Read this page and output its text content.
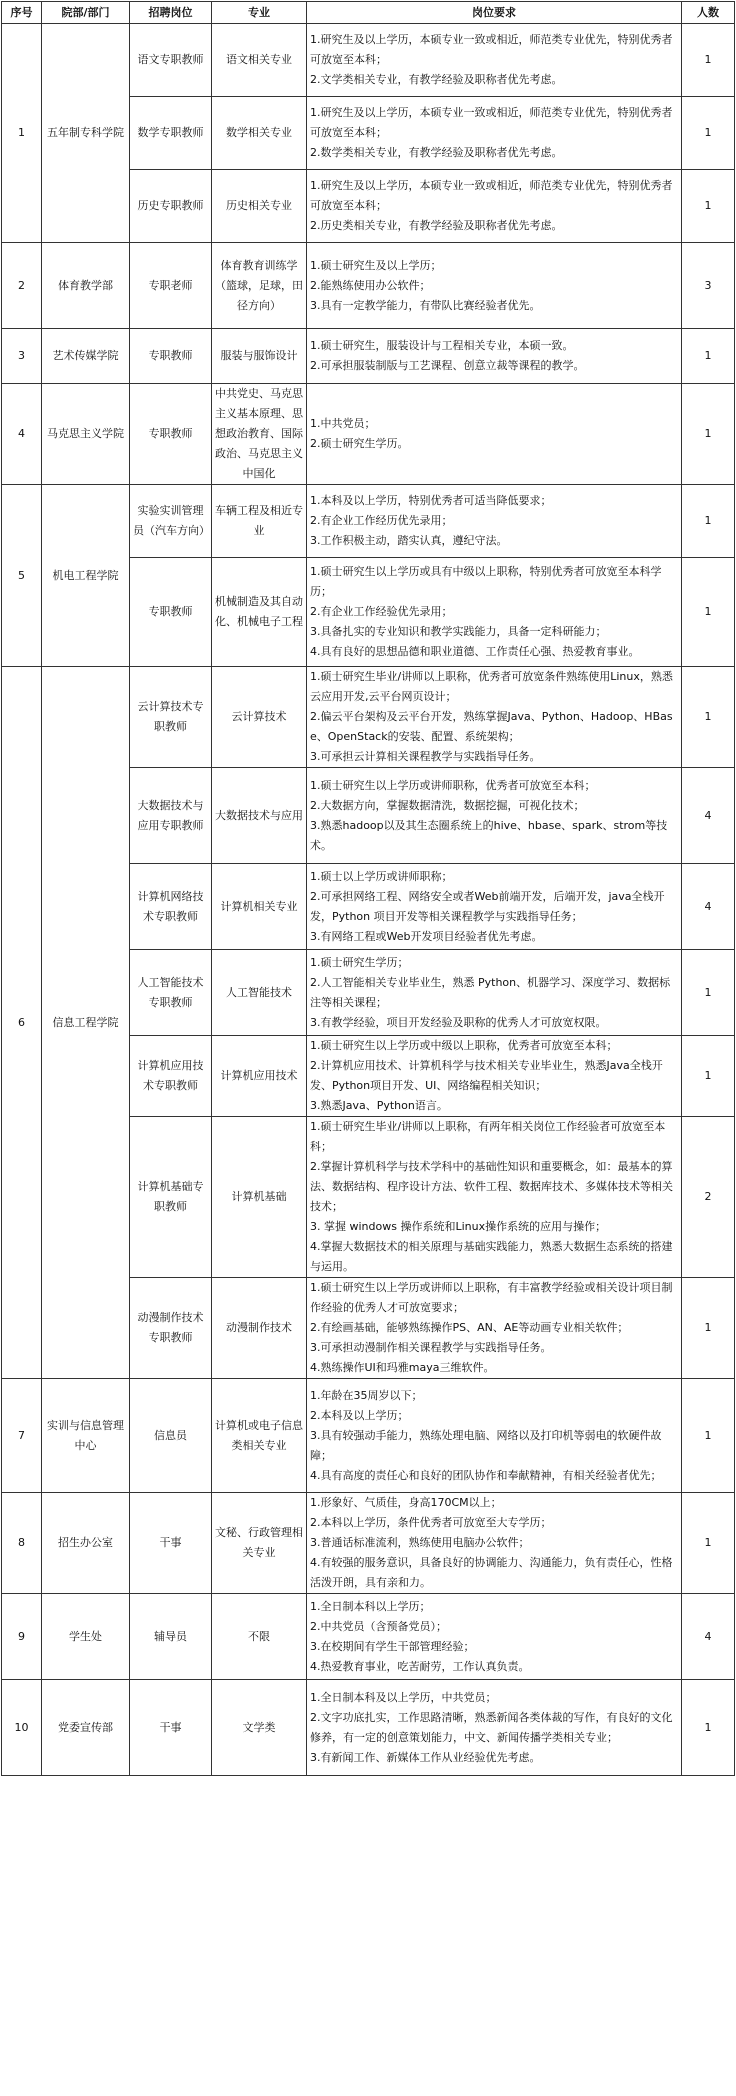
序号	院部/部门	招聘岗位	专业	岗位要求	人数
1	五年制专科学院	语文专职教师	语文相关专业	1.研究生及以上学历，本硕专业一致或相近，师范类专业优先，特别优秀者可放宽至本科；
2.文学类相关专业，有教学经验及职称者优先考虑。	1
		数学专职教师	数学相关专业	1.研究生及以上学历，本硕专业一致或相近，师范类专业优先，特别优秀者可放宽至本科；
2.数学类相关专业，有教学经验及职称者优先考虑。	1
		历史专职教师	历史相关专业	1.研究生及以上学历，本硕专业一致或相近，师范类专业优先，特别优秀者可放宽至本科；
2.历史类相关专业，有教学经验及职称者优先考虑。	1
2	体育教学部	专职老师	体育教育训练学（篮球，足球，田径方向）	1.硕士研究生及以上学历；
2.能熟练使用办公软件；
3.具有一定教学能力，有带队比赛经验者优先。	3
3	艺术传媒学院	专职教师	服装与服饰设计	1.硕士研究生，服装设计与工程相关专业，本硕一致。
2.可承担服装制版与工艺课程、创意立裁等课程的教学。	1
4	马克思主义学院	专职教师	中共党史、马克思主义基本原理、思想政治教育、国际政治、马克思主义中国化	1.中共党员；
2.硕士研究生学历。	1
5	机电工程学院	实验实训管理员（汽车方向）	车辆工程及相近专业	1.本科及以上学历，特别优秀者可适当降低要求；
2.有企业工作经历优先录用；
3.工作积极主动，踏实认真，遵纪守法。	1
		专职教师	机械制造及其自动化、机械电子工程	1.硕士研究生以上学历或具有中级以上职称，特别优秀者可放宽至本科学历；
2.有企业工作经验优先录用；
3.具备扎实的专业知识和教学实践能力，具备一定科研能力；
4.具有良好的思想品德和职业道德、工作责任心强、热爱教育事业。	1
6	信息工程学院	云计算技术专职教师	云计算技术	1.硕士研究生毕业/讲师以上职称，优秀者可放宽条件熟练使用Linux，熟悉云应用开发,云平台网页设计；
2.偏云平台架构及云平台开发，熟练掌握Java、Python、Hadoop、HBase、OpenStack的安装、配置、系统架构；
3.可承担云计算相关课程教学与实践指导任务。	1
		大数据技术与应用专职教师	大数据技术与应用	1.硕士研究生以上学历或讲师职称，优秀者可放宽至本科；
2.大数据方向，掌握数据清洗，数据挖掘，可视化技术；
3.熟悉hadoop以及其生态圈系统上的hive、hbase、spark、strom等技术。	4
		计算机网络技术专职教师	计算机相关专业	1.硕士以上学历或讲师职称；
2.可承担网络工程、网络安全或者Web前端开发，后端开发，java全栈开发，Python 项目开发等相关课程教学与实践指导任务；
3.有网络工程或Web开发项目经验者优先考虑。	4
		人工智能技术专职教师	人工智能技术	1.硕士研究生学历；
2.人工智能相关专业毕业生，熟悉 Python、机器学习、深度学习、数据标注等相关课程；
3.有教学经验，项目开发经验及职称的优秀人才可放宽权限。	1
		计算机应用技术专职教师	计算机应用技术	1.硕士研究生以上学历或中级以上职称，优秀者可放宽至本科；
2.计算机应用技术、计算机科学与技术相关专业毕业生，熟悉Java全栈开发、Python项目开发、UI、网络编程相关知识；
3.熟悉Java、Python语言。	1
		计算机基础专职教师	计算机基础	1.硕士研究生毕业/讲师以上职称，有两年相关岗位工作经验者可放宽至本科；
2.掌握计算机科学与技术学科中的基础性知识和重要概念，如：最基本的算法、数据结构、程序设计方法、软件工程、数据库技术、多媒体技术等相关技术；
3. 掌握 windows 操作系统和Linux操作系统的应用与操作；
4.掌握大数据技术的相关原理与基础实践能力，熟悉大数据生态系统的搭建与运用。	2
		动漫制作技术专职教师	动漫制作技术	1.硕士研究生以上学历或讲师以上职称，有丰富教学经验或相关设计项目制作经验的优秀人才可放宽要求；
2.有绘画基础，能够熟练操作PS、AN、AE等动画专业相关软件；
3.可承担动漫制作相关课程教学与实践指导任务。
4.熟练操作UI和玛雅maya三维软件。	1
7	实训与信息管理中心	信息员	计算机或电子信息类相关专业	1.年龄在35周岁以下；
2.本科及以上学历；
3.具有较强动手能力，熟练处理电脑、网络以及打印机等弱电的软硬件故障；
4.具有高度的责任心和良好的团队协作和奉献精神，有相关经验者优先；	1
8	招生办公室	干事	文秘、行政管理相关专业	1.形象好、气质佳，身高170CM以上；
2.本科以上学历，条件优秀者可放宽至大专学历；
3.普通话标准流利，熟练使用电脑办公软件；
4.有较强的服务意识，具备良好的协调能力、沟通能力，负有责任心，性格活泼开朗，具有亲和力。	1
9	学生处	辅导员	不限	1.全日制本科以上学历；
2.中共党员（含预备党员）；
3.在校期间有学生干部管理经验；
4.热爱教育事业，吃苦耐劳，工作认真负责。	4
10	党委宣传部	干事	文学类	1.全日制本科及以上学历，中共党员；
2.文字功底扎实，工作思路清晰，熟悉新闻各类体裁的写作，有良好的文化修养，有一定的创意策划能力，中文、新闻传播学类相关专业；
3.有新闻工作、新媒体工作从业经验优先考虑。	1
